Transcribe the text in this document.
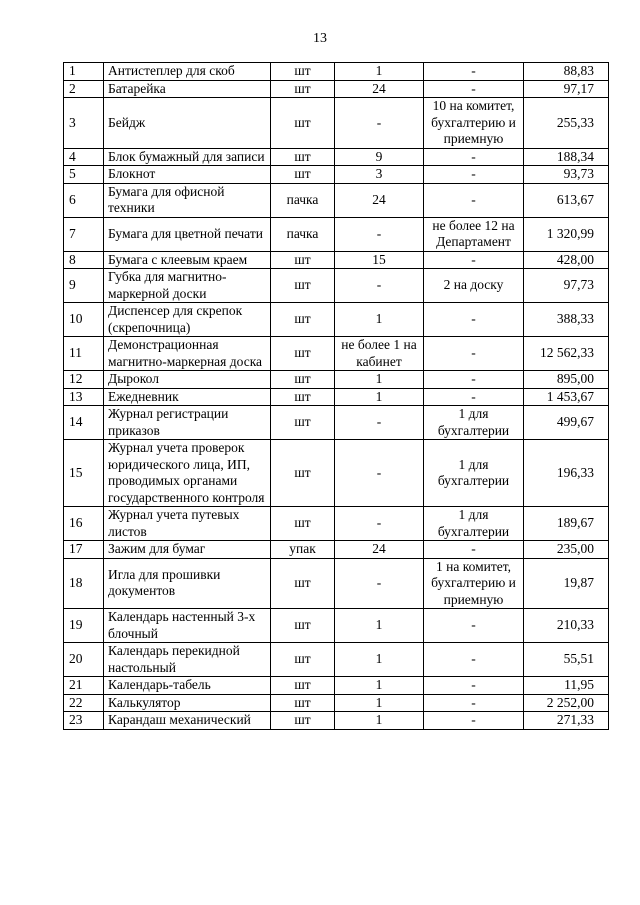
13
1	Антистеплер для скоб	шт	1	-	88,83
2	Батарейка	шт	24	-	97,17
3	Бейдж	шт	-	10 на комитет, бухгалтерию и приемную	255,33
4	Блок бумажный для записи	шт	9	-	188,34
5	Блокнот	шт	3	-	93,73
6	Бумага для офисной техники	пачка	24	-	613,67
7	Бумага для цветной печати	пачка	-	не более 12 на Департамент	1 320,99
8	Бумага с клеевым краем	шт	15	-	428,00
9	Губка для магнитно-маркерной доски	шт	-	2 на доску	97,73
10	Диспенсер для скрепок (скрепочница)	шт	1	-	388,33
11	Демонстрационная магнитно-маркерная доска	шт	не более 1 на кабинет	-	12 562,33
12	Дырокол	шт	1	-	895,00
13	Ежедневник	шт	1	-	1 453,67
14	Журнал регистрации приказов	шт	-	1 для бухгалтерии	499,67
15	Журнал учета проверок юридического лица, ИП, проводимых органами государственного контроля	шт	-	1 для бухгалтерии	196,33
16	Журнал учета путевых листов	шт	-	1 для бухгалтерии	189,67
17	Зажим для бумаг	упак	24	-	235,00
18	Игла для прошивки документов	шт	-	1 на комитет, бухгалтерию и приемную	19,87
19	Календарь настенный 3-х блочный	шт	1	-	210,33
20	Календарь перекидной настольный	шт	1	-	55,51
21	Календарь-табель	шт	1	-	11,95
22	Калькулятор	шт	1	-	2 252,00
23	Карандаш механический	шт	1	-	271,33
